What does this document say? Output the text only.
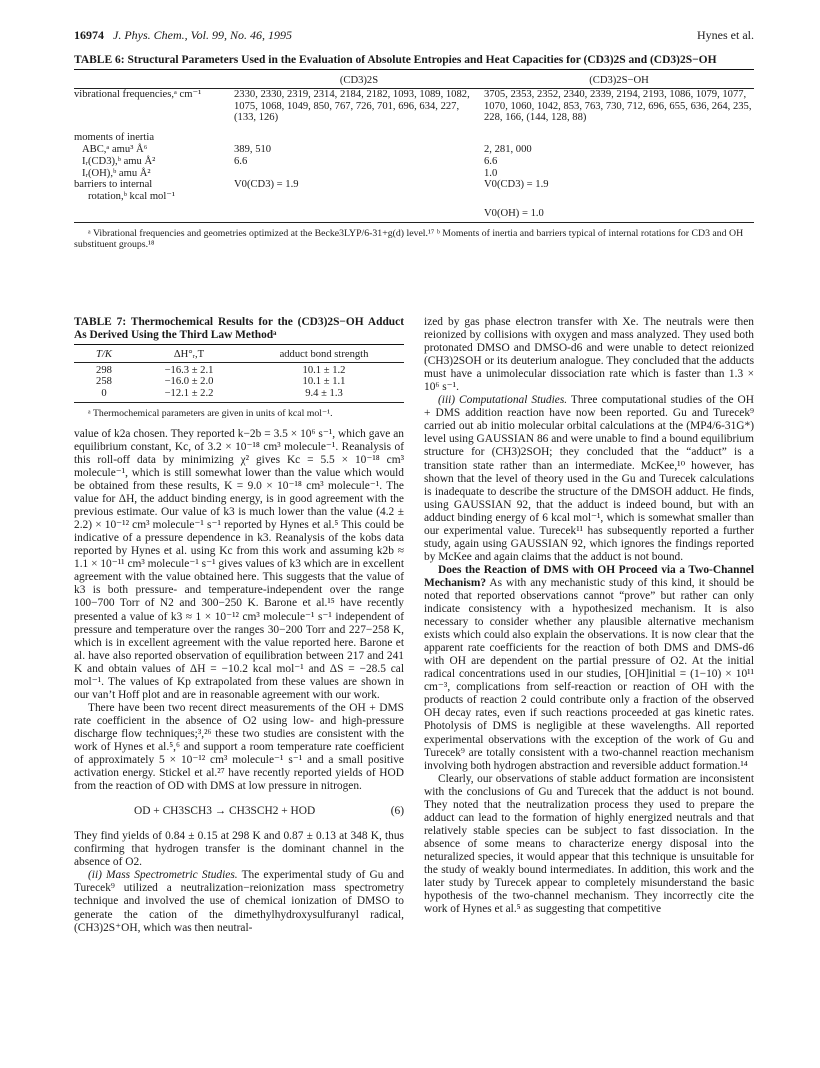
16974 J. Phys. Chem., Vol. 99, No. 46, 1995	Hynes et al.
TABLE 6: Structural Parameters Used in the Evaluation of Absolute Entropies and Heat Capacities for (CD3)2S and (CD3)2S−OH
	(CD3)2S	(CD3)2S−OH

vibrational frequencies,ᵃ cm⁻¹	2330, 2330, 2319, 2314, 2184, 2182, 1093, 1089, 1082, 1075, 1068, 1049, 850, 767, 726, 701, 696, 634, 227, (133, 126)	3705, 2353, 2352, 2340, 2339, 2194, 2193, 1086, 1079, 1077, 1070, 1060, 1042, 853, 763, 730, 712, 696, 655, 636, 264, 235, 228, 166, (144, 128, 88)

moments of inertia		
ABC,ᵃ amu³ Å⁶	389, 510	2, 281, 000
Iᵣ(CD3),ᵇ amu Å²	6.6	6.6
Iᵣ(OH),ᵇ amu Å²		1.0
barriers to internal	V0(CD3) = 1.9	V0(CD3) = 1.9
rotation,ᵇ kcal mol⁻¹		

		V0(OH) = 1.0
ᵃ Vibrational frequencies and geometries optimized at the Becke3LYP/6-31+g(d) level.¹⁷ ᵇ Moments of inertia and barriers typical of internal rotations for CD3 and OH substituent groups.¹⁸
TABLE 7: Thermochemical Results for the (CD3)2S−OH Adduct As Derived Using the Third Law Methodᵃ
T/K	ΔH°ᵣ,T	adduct bond strength

298	−16.3 ± 2.1	10.1 ± 1.2
258	−16.0 ± 2.0	10.1 ± 1.1
0	−12.1 ± 2.2	9.4 ± 1.3
ᵃ Thermochemical parameters are given in units of kcal mol⁻¹.

value of k2a chosen. They reported k−2b = 3.5 × 10⁶ s⁻¹, which gave an equilibrium constant, Kc, of 3.2 × 10⁻¹⁸ cm³ molecule⁻¹. Reanalysis of this roll-off data by minimizing χ² gives Kc = 5.5 × 10⁻¹⁸ cm³ molecule⁻¹, which is still somewhat lower than the value which would be obtained from these results, K = 9.0 × 10⁻¹⁸ cm³ molecule⁻¹. The value for ΔH, the adduct binding energy, is in good agreement with the previous estimate. Our value of k3 is much lower than the value (4.2 ± 2.2) × 10⁻¹² cm³ molecule⁻¹ s⁻¹ reported by Hynes et al.⁵ This could be indicative of a pressure dependence in k3. Reanalysis of the kobs data reported by Hynes et al. using Kc from this work and assuming k2b ≈ 1.1 × 10⁻¹¹ cm³ molecule⁻¹ s⁻¹ gives values of k3 which are in excellent agreement with the value obtained here. This suggests that the value of k3 is both pressure- and temperature-independent over the range 100−700 Torr of N2 and 300−250 K. Barone et al.¹⁵ have recently presented a value of k3 ≈ 1 × 10⁻¹² cm³ molecule⁻¹ s⁻¹ independent of pressure and temperature over the ranges 30−200 Torr and 227−258 K, which is in excellent agreement with the value reported here. Barone et al. have also reported observation of equilibration between 217 and 241 K and obtain values of ΔH = −10.2 kcal mol⁻¹ and ΔS = −28.5 cal mol⁻¹. The values of Kp extrapolated from these values are shown in our van’t Hoff plot and are in reasonable agreement with our work.

There have been two recent direct measurements of the OH + DMS rate coefficient in the absence of O2 using low- and high-pressure discharge flow techniques;³,²⁶ these two studies are consistent with the work of Hynes et al.⁵,⁶ and support a room temperature rate coefficient of approximately 5 × 10⁻¹² cm³ molecule⁻¹ s⁻¹ and a small positive activation energy. Stickel et al.²⁷ have recently reported yields of HOD from the reaction of OD with DMS at low pressure in nitrogen.

OD + CH3SCH3 → CH3SCH2 + HOD	(6)

They find yields of 0.84 ± 0.15 at 298 K and 0.87 ± 0.13 at 348 K, thus confirming that hydrogen transfer is the dominant channel in the absence of O2.

(ii) Mass Spectrometric Studies. The experimental study of Gu and Turecek⁹ utilized a neutralization−reionization mass spectrometry technique and involved the use of chemical ionization of DMSO to generate the cation of the dimethylhydroxysulfuranyl radical, (CH3)2S⁺OH, which was then neutral-

ized by gas phase electron transfer with Xe. The neutrals were then reionized by collisions with oxygen and mass analyzed. They used both protonated DMSO and DMSO-d6 and were unable to detect reionized (CH3)2SOH or its deuterium analogue. They concluded that the adducts must have a unimolecular dissociation rate which is faster than 1.3 × 10⁶ s⁻¹.

(iii) Computational Studies. Three computational studies of the OH + DMS addition reaction have now been reported. Gu and Turecek⁹ carried out ab initio molecular orbital calculations at the (MP4/6-31G*) level using GAUSSIAN 86 and were unable to find a bound equilibrium structure for (CH3)2SOH; they concluded that the “adduct” is a transition state rather than an intermediate. McKee,¹⁰ however, has shown that the level of theory used in the Gu and Turecek calculations is inadequate to describe the structure of the DMSOH adduct. He finds, using GAUSSIAN 92, that the adduct is indeed bound, but with an adduct binding energy of 6 kcal mol⁻¹, which is somewhat smaller than our experimental value. Turecek¹¹ has subsequently reported a further study, again using GAUSSIAN 92, which ignores the findings reported by McKee and again claims that the adduct is not bound.

Does the Reaction of DMS with OH Proceed via a Two-Channel Mechanism? As with any mechanistic study of this kind, it should be noted that reported observations cannot “prove” but rather can only indicate consistency with a hypothesized mechanism. It is also necessary to consider whether any plausible alternative mechanism exists which could also explain the observations. It is now clear that the apparent rate coefficients for the reaction of both DMS and DMS-d6 with OH are dependent on the partial pressure of O2. At the initial radical concentrations used in our studies, [OH]initial = (1−10) × 10¹¹ cm⁻³, complications from self-reaction or reaction of OH with the products of reaction 2 could contribute only a fraction of the observed OH decay rates, even if such reactions proceeded at gas kinetic rates. Photolysis of DMS is negligible at these wavelengths. All reported experimental observations with the exception of the work of Gu and Turecek⁹ are totally consistent with a two-channel reaction mechanism involving both hydrogen abstraction and reversible adduct formation.¹⁴

Clearly, our observations of stable adduct formation are inconsistent with the conclusions of Gu and Turecek that the adduct is not bound. They noted that the neutralization process they used to prepare the adduct can lead to the formation of highly energized neutrals and that relatively stable species can be subject to fast dissociation. In the absence of some means to characterize energy disposal into the neturalized species, it would appear that this technique is unsuitable for the study of weakly bound intermediates. In addition, this work and the later study by Turecek appear to completely misunderstand the basic hypothesis of the two-channel mechanism. They incorrectly cite the work of Hynes et al.⁵ as suggesting that competitive
